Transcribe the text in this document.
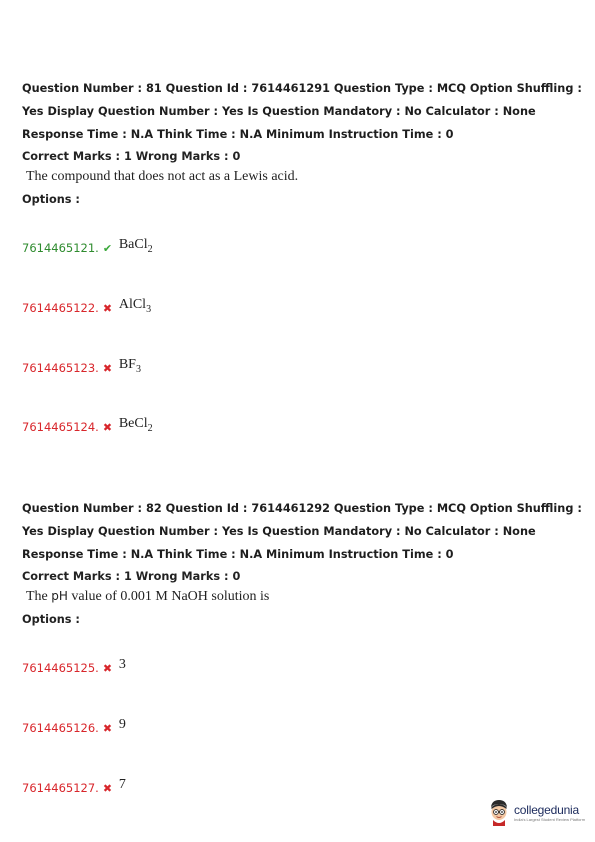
Question Number : 81 Question Id : 7614461291 Question Type : MCQ Option Shuffling : Yes Display Question Number : Yes Is Question Mandatory : No Calculator : None Response Time : N.A Think Time : N.A Minimum Instruction Time : 0

Correct Marks : 1 Wrong Marks : 0

The compound that does not act as a Lewis acid.

Options :

7614465121. ✔ BaCl$_2$
7614465122. ✖ AlCl$_3$
7614465123. ✖ $BF_3$
7614465124. ✖ BeCl$_2$

Question Number : 82 Question Id : 7614461292 Question Type : MCQ Option Shuffling : Yes Display Question Number : Yes Is Question Mandatory : No Calculator : None Response Time : N.A Think Time : N.A Minimum Instruction Time : 0

Correct Marks : 1 Wrong Marks : 0

The pH value of 0.001 M NaOH solution is

Options :

7614465125. ✖ 3
7614465126. ✖ 9
7614465127. ✖ 7
collegedunia
India's Largest Student Review Platform
